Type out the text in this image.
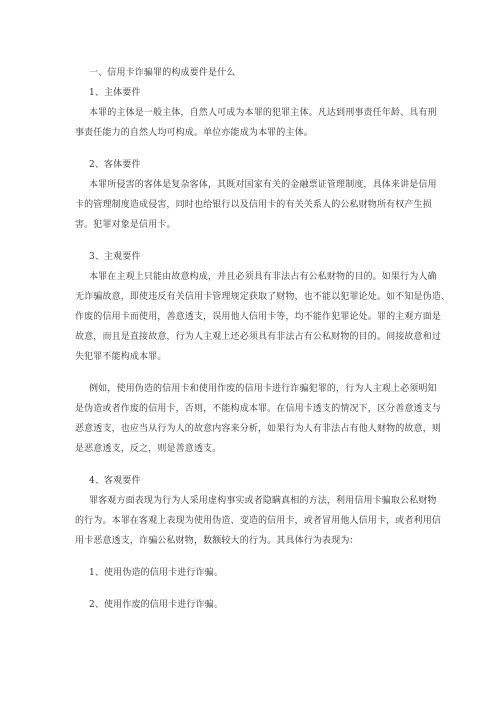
一、信用卡诈骗罪的构成要件是什么
1、主体要件
本罪的主体是一般主体，自然人可成为本罪的犯罪主体。凡达到刑事责任年龄、具有刑
事责任能力的自然人均可构成。单位亦能成为本罪的主体。
2、客体要件
本罪所侵害的客体是复杂客体，其既对国家有关的金融票证管理制度，具体来讲是信用
卡的管理制度造成侵害，同时也给银行以及信用卡的有关关系人的公私财物所有权产生损
害。犯罪对象是信用卡。
3、主观要件
本罪在主观上只能由故意构成，并且必须具有非法占有公私财物的目的。如果行为人确
无诈骗故意，即使违反有关信用卡管理规定获取了财物，也不能以犯罪论处。如不知是伪造、
作废的信用卡而使用，善意透支，误用他人信用卡等，均不能作犯罪论处。罪的主观方面是
故意，而且是直接故意，行为人主观上还必须具有非法占有公私财物的目的。间接故意和过
失犯罪不能构成本罪。
例如，使用伪造的信用卡和使用作废的信用卡进行诈骗犯罪的，行为人主观上必须明知
是伪造或者作废的信用卡，否则，不能构成本罪。在信用卡透支的情况下，区分善意透支与
恶意透支，也应当从行为人的故意内容来分析，如果行为人有非法占有他人财物的故意，则
是恶意透支，反之，则是善意透支。
4、客观要件
罪客观方面表现为行为人采用虚构事实或者隐瞒真相的方法，利用信用卡骗取公私财物
的行为。本罪在客观上表现为使用伪造、变造的信用卡，或者冒用他人信用卡，或者利用信
用卡恶意透支，诈骗公私财物，数额较大的行为。其具体行为表现为：
1、使用伪造的信用卡进行诈骗。
2、使用作废的信用卡进行诈骗。
